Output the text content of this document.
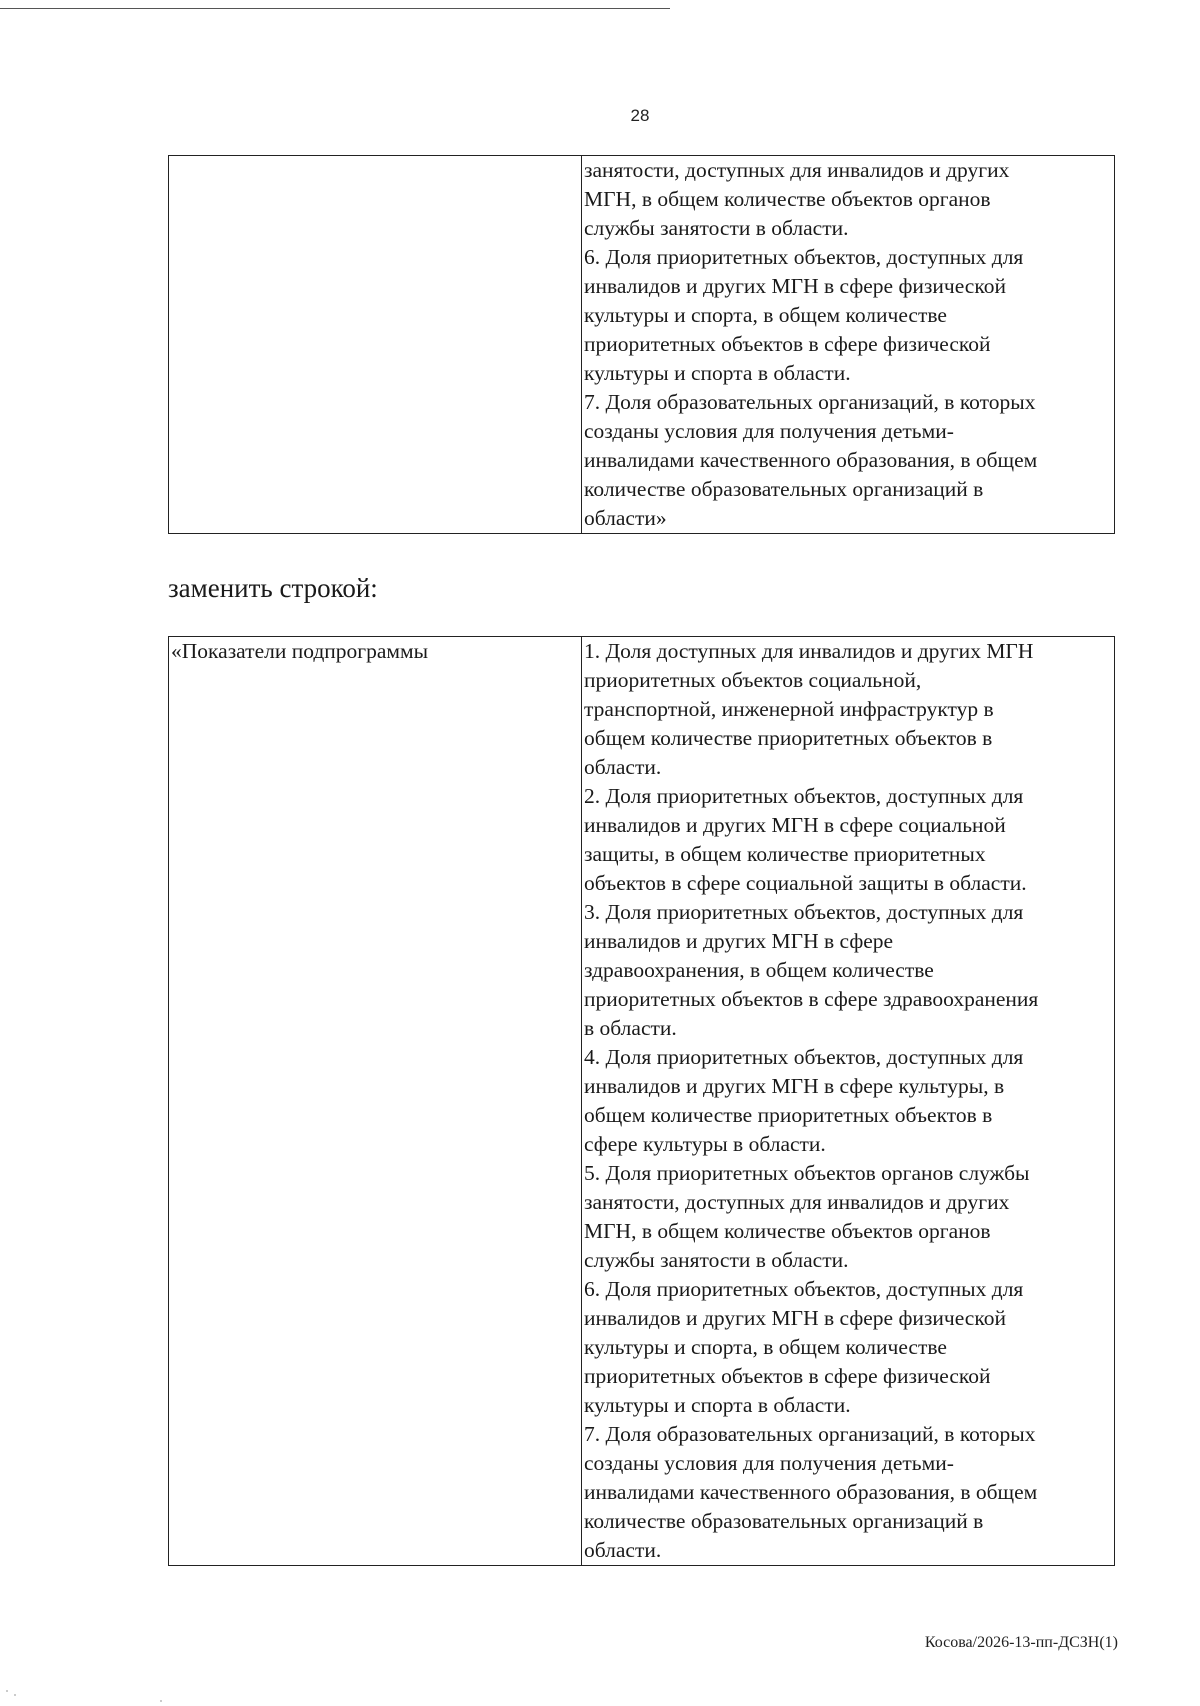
28
	занятости, доступных для инвалидов и других
МГН, в общем количестве объектов органов
службы занятости в области.
6. Доля приоритетных объектов, доступных для
инвалидов и других МГН в сфере физической
культуры и спорта, в общем количестве
приоритетных объектов в сфере физической
культуры и спорта в области.
7. Доля образовательных организаций, в которых
созданы условия для получения детьми-
инвалидами качественного образования, в общем
количестве образовательных организаций в
области»
заменить строкой:
«Показатели подпрограммы	1. Доля доступных для инвалидов и других МГН
приоритетных объектов социальной,
транспортной, инженерной инфраструктур в
общем количестве приоритетных объектов в
области.
2. Доля приоритетных объектов, доступных для
инвалидов и других МГН в сфере социальной
защиты, в общем количестве приоритетных
объектов в сфере социальной защиты в области.
3. Доля приоритетных объектов, доступных для
инвалидов и других МГН в сфере
здравоохранения, в общем количестве
приоритетных объектов в сфере здравоохранения
в области.
4. Доля приоритетных объектов, доступных для
инвалидов и других МГН в сфере культуры, в
общем количестве приоритетных объектов в
сфере культуры в области.
5. Доля приоритетных объектов органов службы
занятости, доступных для инвалидов и других
МГН, в общем количестве объектов органов
службы занятости в области.
6. Доля приоритетных объектов, доступных для
инвалидов и других МГН в сфере физической
культуры и спорта, в общем количестве
приоритетных объектов в сфере физической
культуры и спорта в области.
7. Доля образовательных организаций, в которых
созданы условия для получения детьми-
инвалидами качественного образования, в общем
количестве образовательных организаций в
области.
Косова/2026-13-пп-ДСЗН(1)
